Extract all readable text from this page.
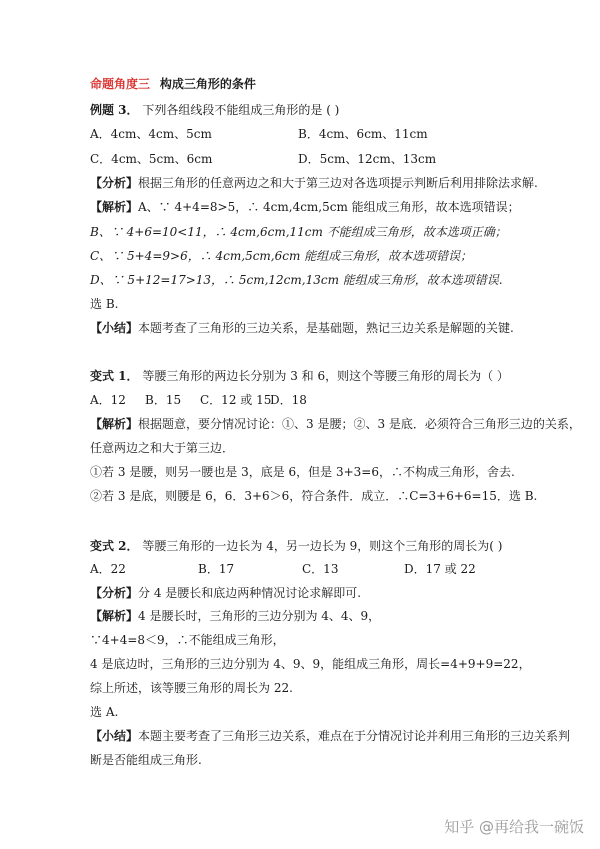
命题角度三 构成三角形的条件
例题 3． 下列各组线段不能组成三角形的是 ( )
A．4cm、4cm、5cm	B．4cm、6cm、11cm
C．4cm、5cm、6cm	D．5cm、12cm、13cm
【分析】根据三角形的任意两边之和大于第三边对各选项提示判断后利用排除法求解.
【解析】A、∵ 4+4=8>5，∴ 4cm,4cm,5cm 能组成三角形，故本选项错误；
B、∵ 4+6=10<11，∴ 4cm,6cm,11cm 不能组成三角形，故本选项正确；
C、∵ 5+4=9>6，∴ 4cm,5cm,6cm 能组成三角形，故本选项错误；
D、∵ 5+12=17>13，∴ 5cm,12cm,13cm 能组成三角形，故本选项错误.
选 B.
【小结】本题考查了三角形的三边关系，是基础题，熟记三边关系是解题的关键.
变式 1． 等腰三角形的两边长分别为 3 和 6，则这个等腰三角形的周长为（ ）
A．12 B．15 C．12 或 15
D．18
【解析】根据题意，要分情况讨论：①、3 是腰；②、3 是底．必须符合三角形三边的关系，
任意两边之和大于第三边．
①若 3 是腰，则另一腰也是 3，底是 6，但是 3+3=6，∴不构成三角形，舍去.
②若 3 是底，则腰是 6，6．3+6＞6，符合条件．成立．∴C=3+6+6=15．选 B.
变式 2． 等腰三角形的一边长为 4，另一边长为 9，则这个三角形的周长为( )
A．22	B．17	C．13	D．17 或 22
【分析】分 4 是腰长和底边两种情况讨论求解即可.
【解析】4 是腰长时，三角形的三边分别为 4、4、9，
∵4+4=8＜9，∴不能组成三角形，
4 是底边时，三角形的三边分别为 4、9、9，能组成三角形，周长=4+9+9=22，
综上所述，该等腰三角形的周长为 22.
选 A.
【小结】本题主要考查了三角形三边关系，难点在于分情况讨论并利用三角形的三边关系判
断是否能组成三角形.
知乎 @再给我一碗饭
